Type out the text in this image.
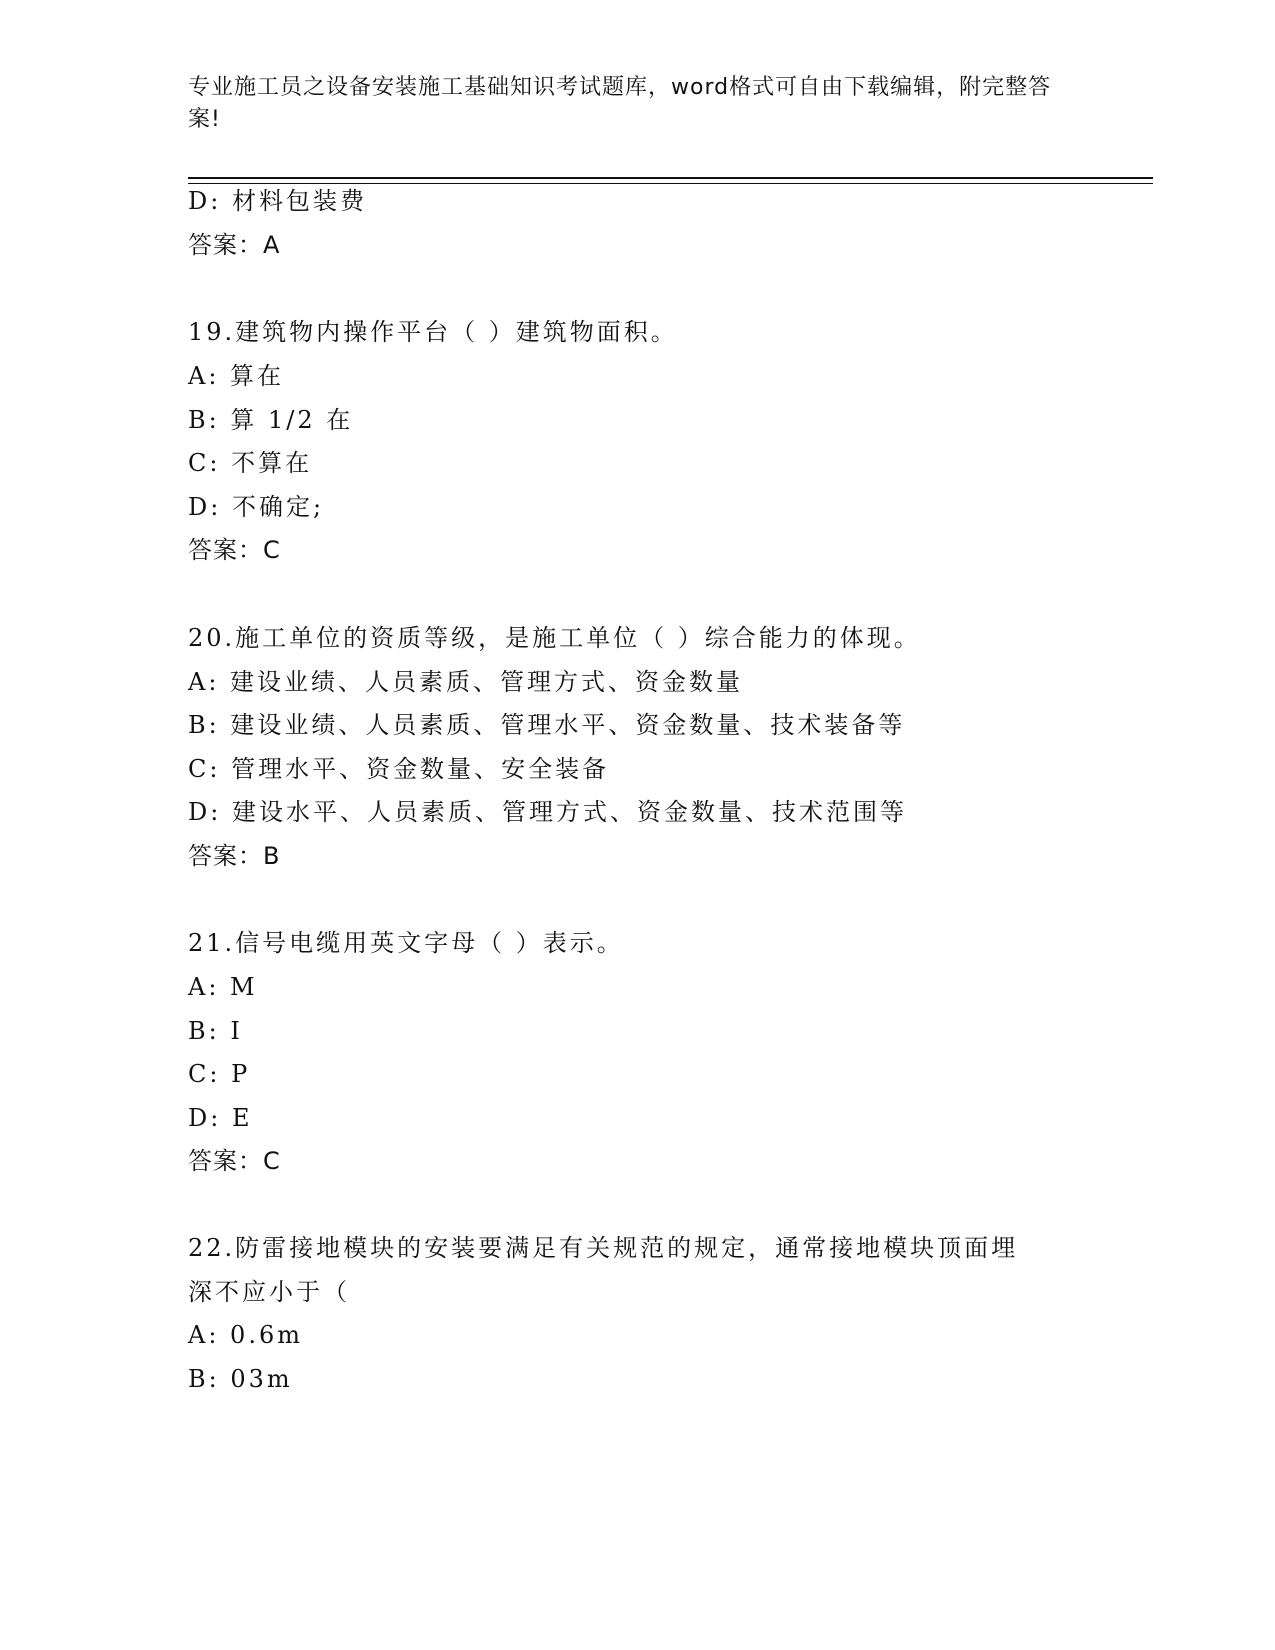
专业施工员之设备安装施工基础知识考试题库，word格式可自由下载编辑，附完整答案!
D: 材料包装费
答案：A
19.建筑物内操作平台（ ）建筑物面积。
A: 算在
B: 算 1/2 在
C: 不算在
D: 不确定;
答案：C
20.施工单位的资质等级，是施工单位（ ）综合能力的体现。
A: 建设业绩、人员素质、管理方式、资金数量
B: 建设业绩、人员素质、管理水平、资金数量、技术装备等
C: 管理水平、资金数量、安全装备
D: 建设水平、人员素质、管理方式、资金数量、技术范围等
答案：B
21.信号电缆用英文字母（ ）表示。
A: M
B: I
C: P
D: E
答案：C
22.防雷接地模块的安装要满足有关规范的规定，通常接地模块顶面埋
深不应小于（
A: 0.6m
B: 03m
